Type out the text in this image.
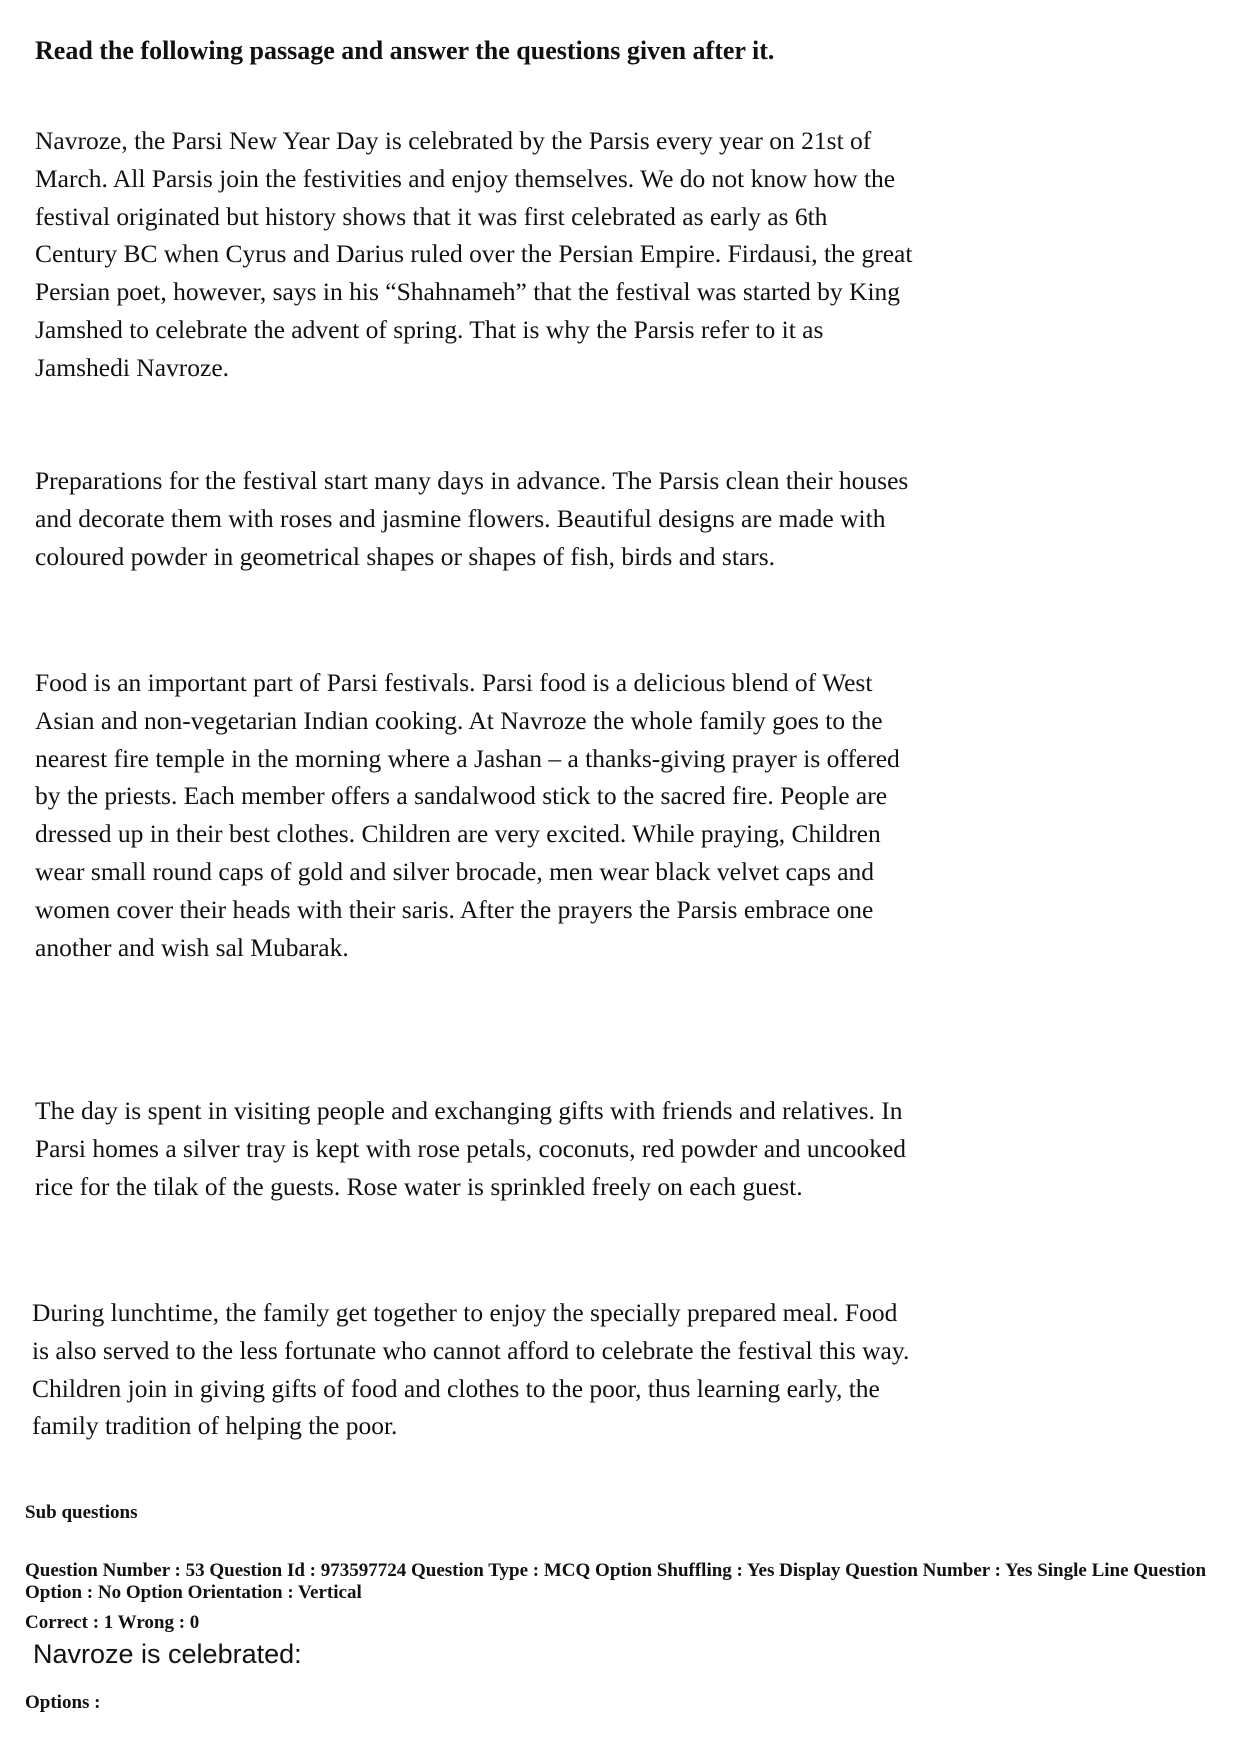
Read the following passage and answer the questions given after it.

Navroze, the Parsi New Year Day is celebrated by the Parsis every year on 21st of March. All Parsis join the festivities and enjoy themselves. We do not know how the festival originated but history shows that it was first celebrated as early as 6th Century BC when Cyrus and Darius ruled over the Persian Empire. Firdausi, the great Persian poet, however, says in his “Shahnameh” that the festival was started by King Jamshed to celebrate the advent of spring. That is why the Parsis refer to it as Jamshedi Navroze.

Preparations for the festival start many days in advance. The Parsis clean their houses and decorate them with roses and jasmine flowers. Beautiful designs are made with coloured powder in geometrical shapes or shapes of fish, birds and stars.

Food is an important part of Parsi festivals. Parsi food is a delicious blend of West Asian and non-vegetarian Indian cooking. At Navroze the whole family goes to the nearest fire temple in the morning where a Jashan – a thanks-giving prayer is offered by the priests. Each member offers a sandalwood stick to the sacred fire. People are dressed up in their best clothes. Children are very excited. While praying, Children wear small round caps of gold and silver brocade, men wear black velvet caps and women cover their heads with their saris. After the prayers the Parsis embrace one another and wish sal Mubarak.

The day is spent in visiting people and exchanging gifts with friends and relatives. In Parsi homes a silver tray is kept with rose petals, coconuts, red powder and uncooked rice for the tilak of the guests. Rose water is sprinkled freely on each guest.

During lunchtime, the family get together to enjoy the specially prepared meal. Food is also served to the less fortunate who cannot afford to celebrate the festival this way. Children join in giving gifts of food and clothes to the poor, thus learning early, the family tradition of helping the poor.

Sub questions
Question Number : 53 Question Id : 973597724 Question Type : MCQ Option Shuffling : Yes Display Question Number : Yes Single Line Question Option : No Option Orientation : Vertical
Correct : 1 Wrong : 0
Navroze is celebrated:
Options :
